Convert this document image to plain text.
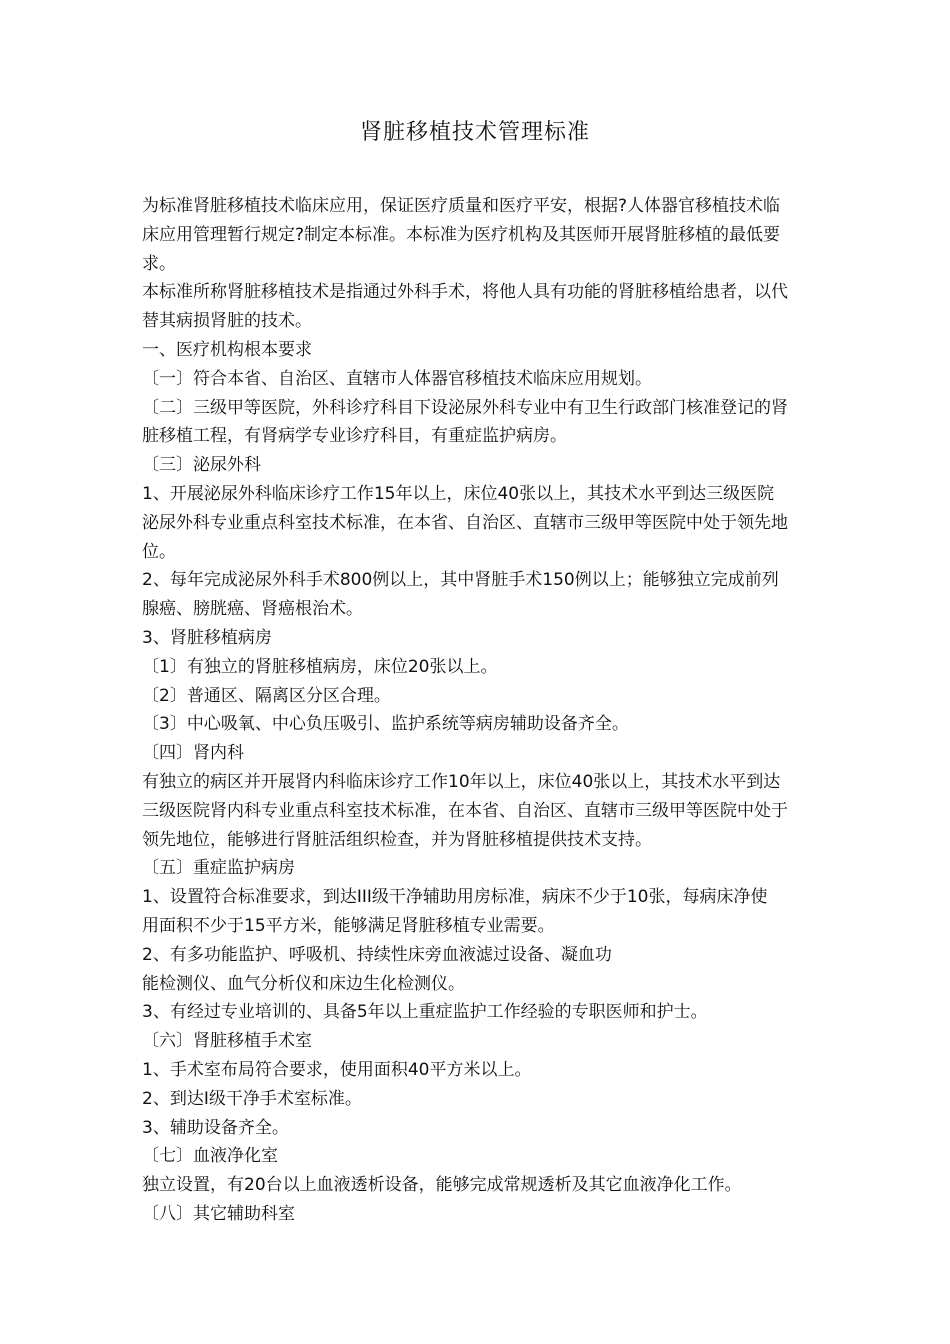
肾脏移植技术管理标准
为标准肾脏移植技术临床应用，保证医疗质量和医疗平安，根据?人体器官移植技术临
床应用管理暂行规定?制定本标准。本标准为医疗机构及其医师开展肾脏移植的最低要
求。
本标准所称肾脏移植技术是指通过外科手术，将他人具有功能的肾脏移植给患者，以代
替其病损肾脏的技术。
一、医疗机构根本要求
〔一〕符合本省、自治区、直辖市人体器官移植技术临床应用规划。
〔二〕三级甲等医院，外科诊疗科目下设泌尿外科专业中有卫生行政部门核准登记的肾
脏移植工程，有肾病学专业诊疗科目，有重症监护病房。
〔三〕泌尿外科
1、开展泌尿外科临床诊疗工作15年以上，床位40张以上，其技术水平到达三级医院
泌尿外科专业重点科室技术标准，在本省、自治区、直辖市三级甲等医院中处于领先地
位。
2、每年完成泌尿外科手术800例以上，其中肾脏手术150例以上；能够独立完成前列
腺癌、膀胱癌、肾癌根治术。
3、肾脏移植病房
〔1〕有独立的肾脏移植病房，床位20张以上。
〔2〕普通区、隔离区分区合理。
〔3〕中心吸氧、中心负压吸引、监护系统等病房辅助设备齐全。
〔四〕肾内科
有独立的病区并开展肾内科临床诊疗工作10年以上，床位40张以上，其技术水平到达
三级医院肾内科专业重点科室技术标准，在本省、自治区、直辖市三级甲等医院中处于
领先地位，能够进行肾脏活组织检查，并为肾脏移植提供技术支持。
〔五〕重症监护病房
1、设置符合标准要求，到达III级干净辅助用房标准，病床不少于10张，每病床净使
用面积不少于15平方米，能够满足肾脏移植专业需要。
2、有多功能监护、呼吸机、持续性床旁血液滤过设备、凝血功
能检测仪、血气分析仪和床边生化检测仪。
3、有经过专业培训的、具备5年以上重症监护工作经验的专职医师和护士。
〔六〕肾脏移植手术室
1、手术室布局符合要求，使用面积40平方米以上。
2、到达I级干净手术室标准。
3、辅助设备齐全。
〔七〕血液净化室
独立设置，有20台以上血液透析设备，能够完成常规透析及其它血液净化工作。
〔八〕其它辅助科室
